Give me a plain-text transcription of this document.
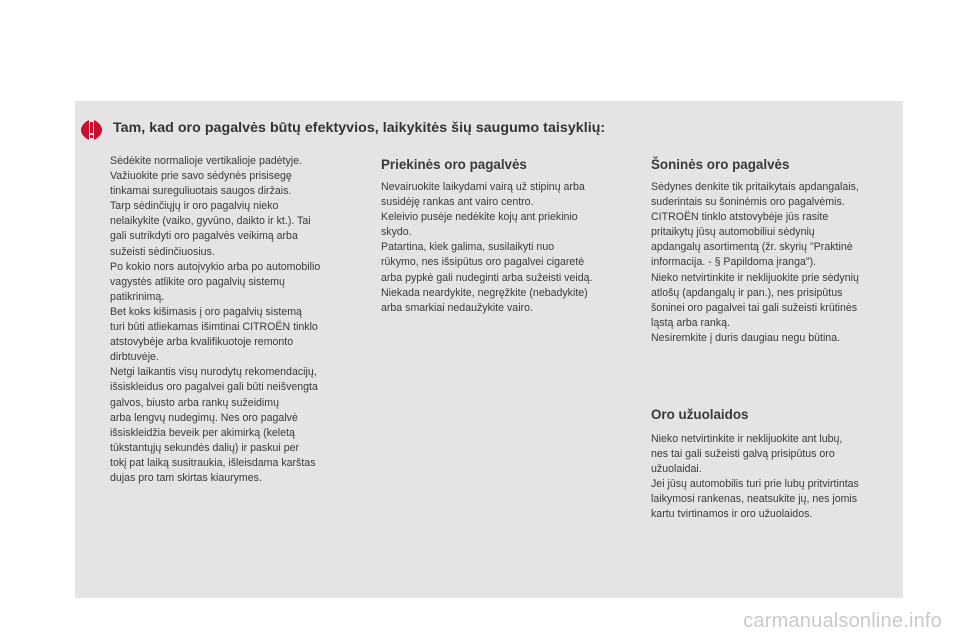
Tam, kad oro pagalvės būtų efektyvios, laikykitės šių saugumo taisyklių:

Sėdėkite normalioje vertikalioje padėtyje.

Važiuokite prie savo sėdynės prisisegę

tinkamai sureguliuotais saugos diržais.

Tarp sėdinčiųjų ir oro pagalvių nieko

nelaikykite (vaiko, gyvūno, daikto ir kt.). Tai

gali sutrikdyti oro pagalvės veikimą arba

sužeisti sėdinčiuosius.

Po kokio nors autoįvykio arba po automobilio

vagystės atlikite oro pagalvių sistemų

patikrinimą.

Bet koks kišimasis į oro pagalvių sistemą

turi būti atliekamas išimtinai CITROËN tinklo

atstovybėje arba kvalifikuotoje remonto

dirbtuvėje.

Netgi laikantis visų nurodytų rekomendacijų,

išsiskleidus oro pagalvei gali būti neišvengta

galvos, biusto arba rankų sužeidimų

arba lengvų nudegimų. Nes oro pagalvė

išsiskleidžia beveik per akimirką (keletą

tūkstantųjų sekundės dalių) ir paskui per

tokį pat laiką susitraukia, išleisdama karštas

dujas pro tam skirtas kiaurymes.

Priekinės oro pagalvės

Nevairuokite laikydami vairą už stipinų arba

susidėję rankas ant vairo centro.

Keleivio pusėje nedėkite kojų ant priekinio

skydo.

Patartina, kiek galima, susilaikyti nuo

rūkymo, nes išsipūtus oro pagalvei cigaretė

arba pypkė gali nudeginti arba sužeisti veidą.

Niekada neardykite, negręžkite (nebadykite)

arba smarkiai nedaužykite vairo.

Šoninės oro pagalvės

Sėdynes denkite tik pritaikytais apdangalais,

suderintais su šoninėmis oro pagalvėmis.

CITROËN tinklo atstovybėje jūs rasite

pritaikytų jūsų automobiliui sėdynių

apdangalų asortimentą (žr. skyrių "Praktinė

informacija. - § Papildoma įranga").

Nieko netvirtinkite ir neklijuokite prie sėdynių

atlošų (apdangalų ir pan.), nes prisipūtus

šoninei oro pagalvei tai gali sužeisti krūtinės

ląstą arba ranką.

Nesiremkite į duris daugiau negu būtina.

Oro užuolaidos

Nieko netvirtinkite ir neklijuokite ant lubų,

nes tai gali sužeisti galvą prisipūtus oro

užuolaidai.

Jei jūsų automobilis turi prie lubų pritvirtintas

laikymosi rankenas, neatsukite jų, nes jomis

kartu tvirtinamos ir oro užuolaidos.

carmanualsonline.info
